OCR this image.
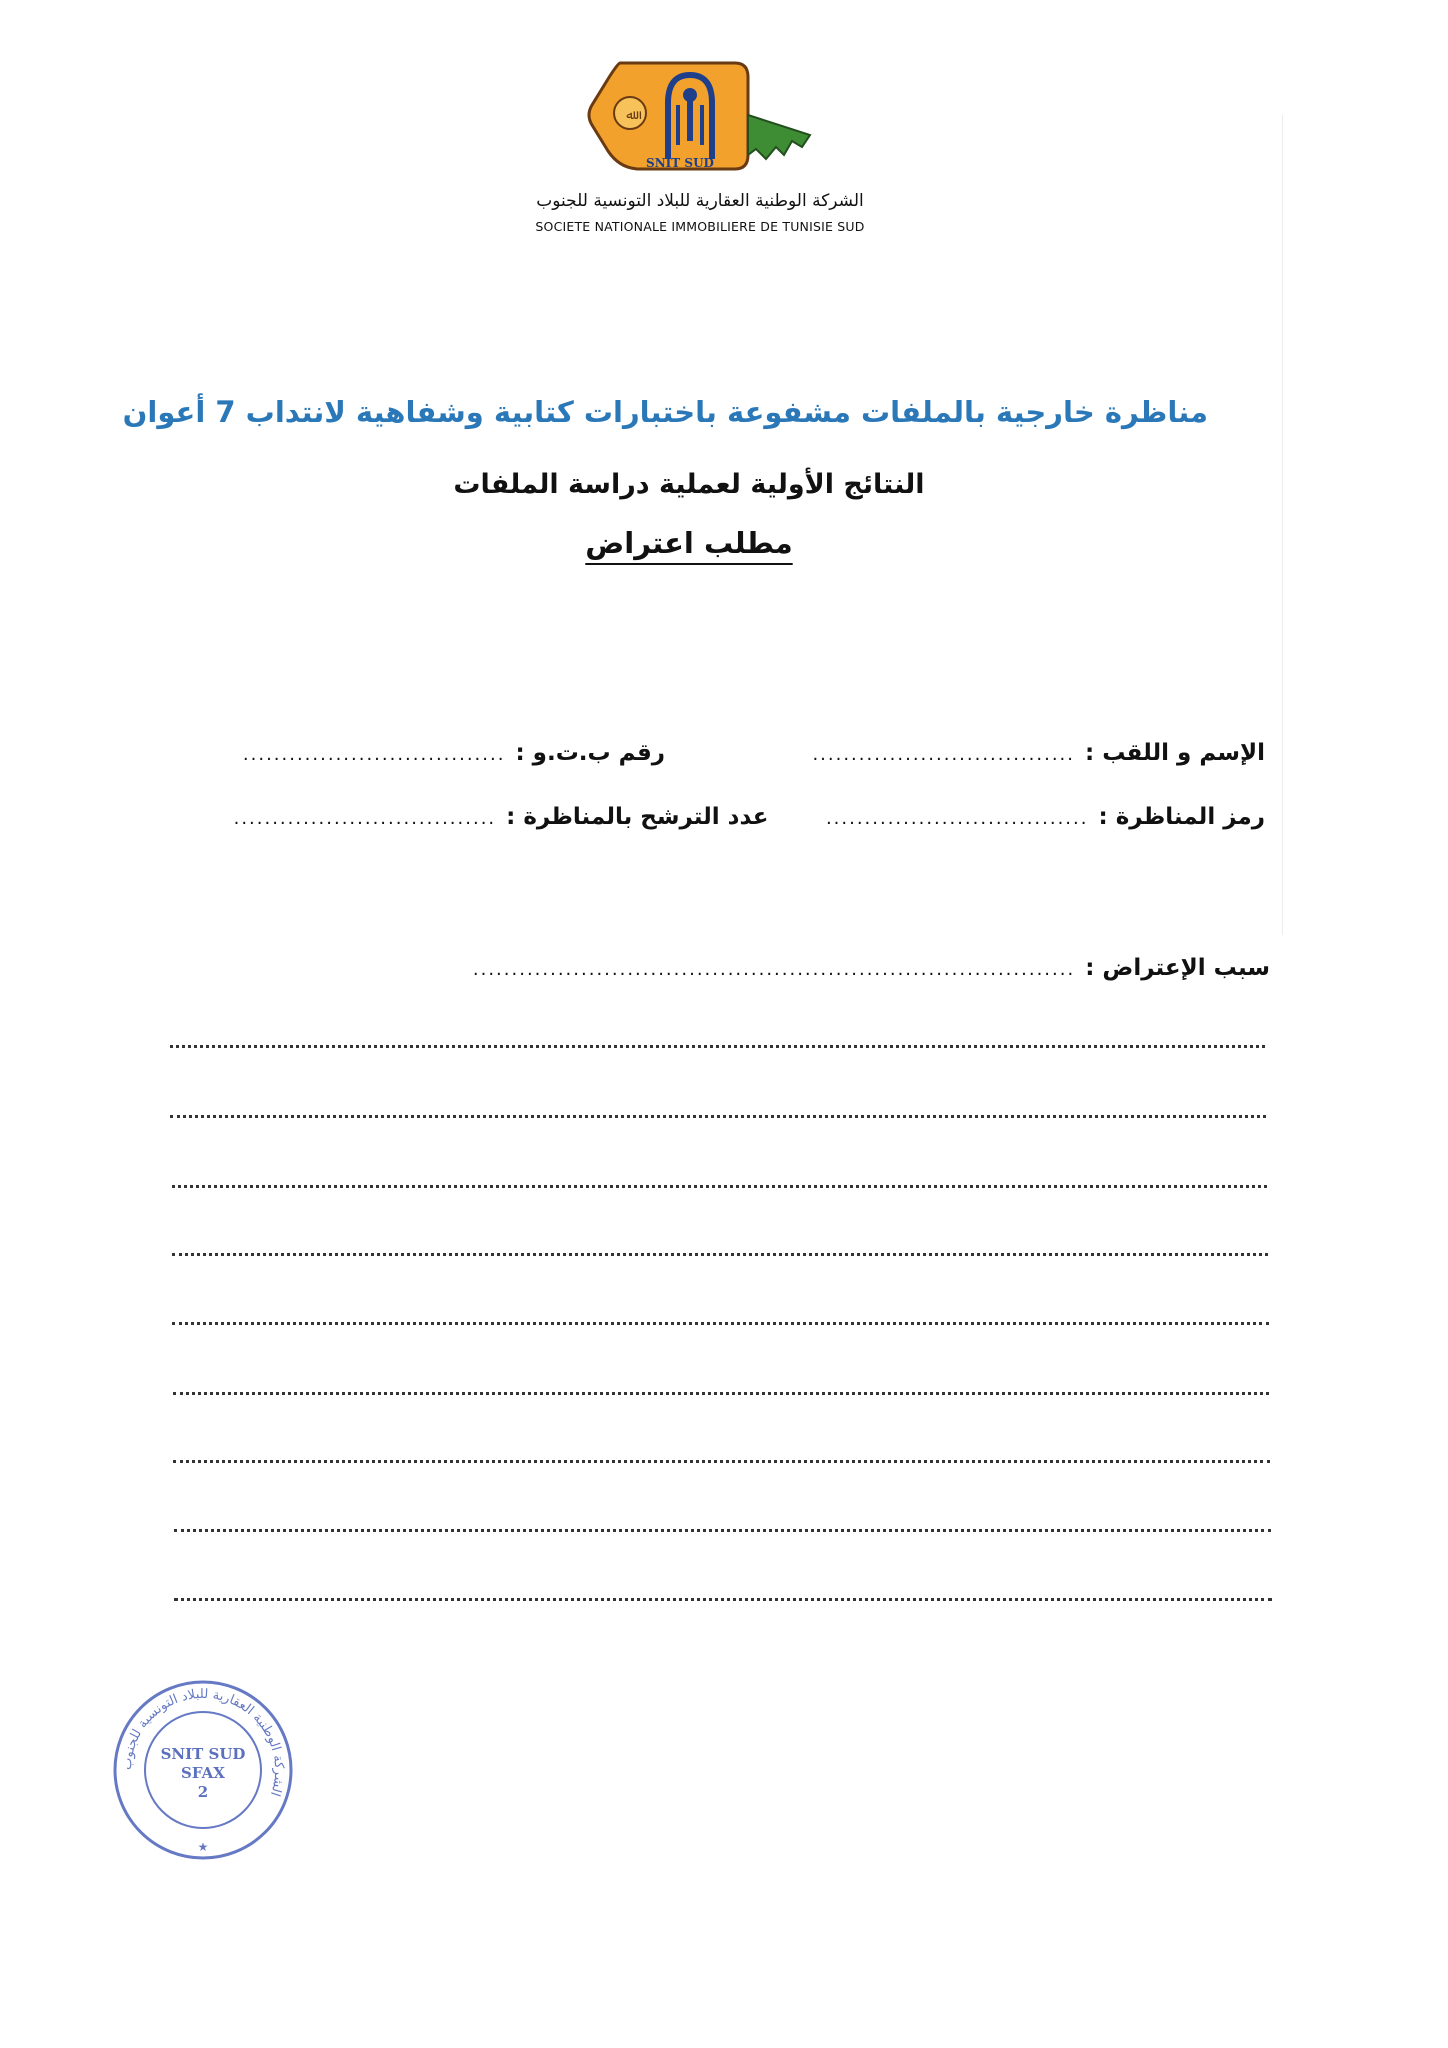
ﷲ
SNIT SUD
الشركة الوطنية العقارية للبلاد التونسية للجنوب
SOCIETE NATIONALE IMMOBILIERE DE TUNISIE SUD

مناظرة خارجية بالملفات مشفوعة باختبارات كتابية وشفاهية لانتداب 7 أعوان

النتائج الأولية لعملية دراسة الملفات

مطلب اعتراض

الإسم و اللقب :
..................................
رقم ب.ت.و :
..................................
رمز المناظرة :
..................................
عدد الترشح بالمناظرة :
..................................
سبب الإعتراض :
..............................................................................
الشركة الوطنية العقارية للبلاد التونسية للجنوب
SNIT SUD
SFAX
2
★
